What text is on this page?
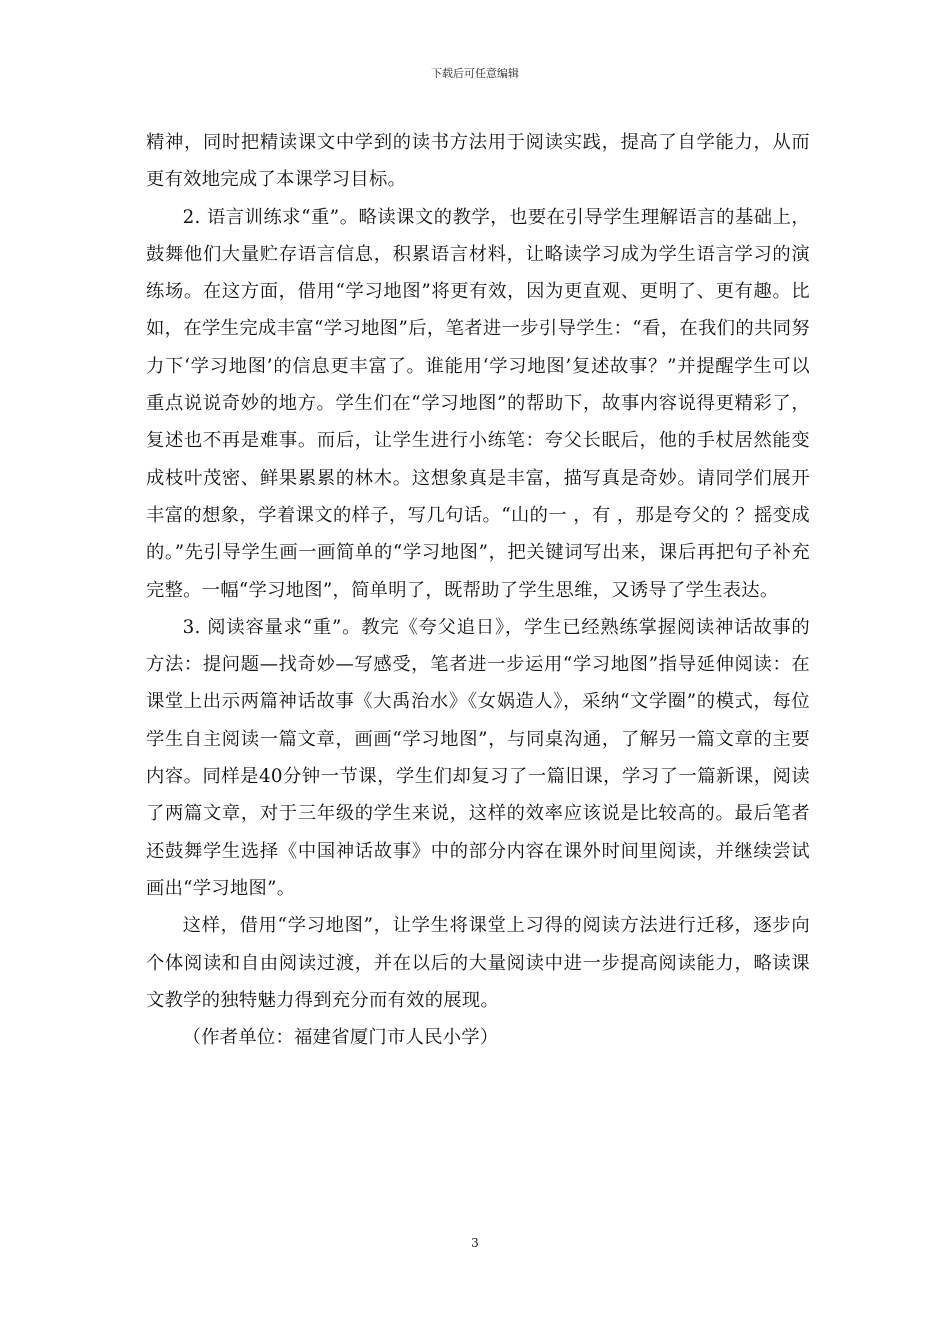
下载后可任意编辑

精神，同时把精读课文中学到的读书方法用于阅读实践，提高了自学能力，从而更有效地完成了本课学习目标。

2. 语言训练求“重”。略读课文的教学，也要在引导学生理解语言的基础上，鼓舞他们大量贮存语言信息，积累语言材料，让略读学习成为学生语言学习的演练场。在这方面，借用“学习地图”将更有效，因为更直观、更明了、更有趣。比如，在学生完成丰富“学习地图”后，笔者进一步引导学生：“看，在我们的共同努力下‘学习地图’的信息更丰富了。谁能用‘学习地图’复述故事？”并提醒学生可以重点说说奇妙的地方。学生们在“学习地图”的帮助下，故事内容说得更精彩了，复述也不再是难事。而后，让学生进行小练笔：夸父长眠后，他的手杖居然能变成枝叶茂密、鲜果累累的林木。这想象真是丰富，描写真是奇妙。请同学们展开丰富的想象，学着课文的样子，写几句话。“山的一 ，有 ，那是夸父的 ？摇变成的。”先引导学生画一画简单的“学习地图”，把关键词写出来，课后再把句子补充完整。一幅“学习地图”，简单明了，既帮助了学生思维，又诱导了学生表达。

3. 阅读容量求“重”。教完《夸父追日》，学生已经熟练掌握阅读神话故事的方法：提问题—找奇妙—写感受，笔者进一步运用“学习地图”指导延伸阅读：在课堂上出示两篇神话故事《大禹治水》《女娲造人》，采纳“文学圈”的模式，每位学生自主阅读一篇文章，画画“学习地图”，与同桌沟通，了解另一篇文章的主要内容。同样是40分钟一节课，学生们却复习了一篇旧课，学习了一篇新课，阅读了两篇文章，对于三年级的学生来说，这样的效率应该说是比较高的。最后笔者还鼓舞学生选择《中国神话故事》中的部分内容在课外时间里阅读，并继续尝试画出“学习地图”。

这样，借用“学习地图”，让学生将课堂上习得的阅读方法进行迁移，逐步向个体阅读和自由阅读过渡，并在以后的大量阅读中进一步提高阅读能力，略读课文教学的独特魅力得到充分而有效的展现。

（作者单位：福建省厦门市人民小学）

3
